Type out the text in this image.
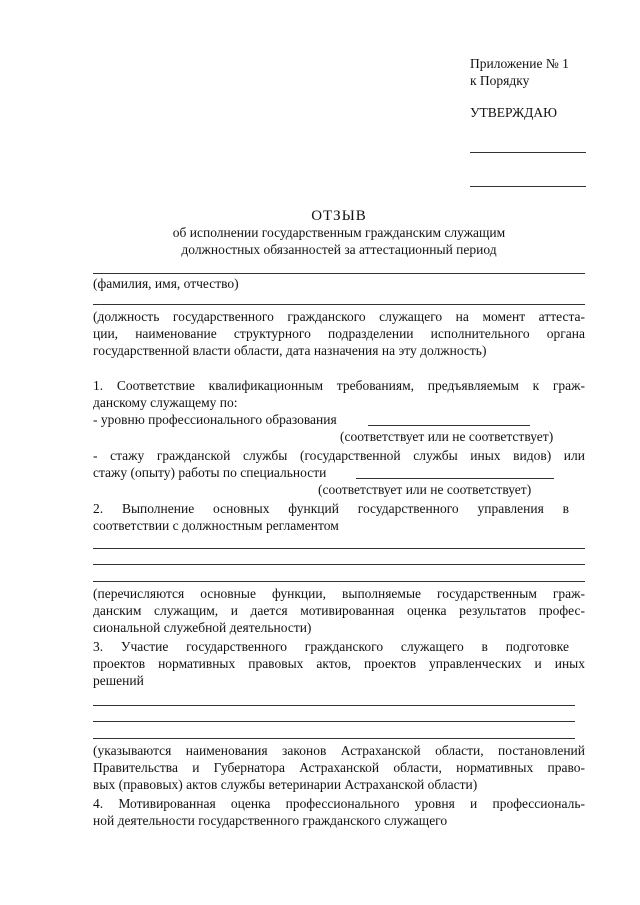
Приложение № 1
к Порядку
УТВЕРЖДАЮ
ОТЗЫВ
об исполнении государственным гражданским служащим
должностных обязанностей за аттестационный период
(фамилия, имя, отчество)
(должность государственного гражданского служащего на момент аттеста-
ции, наименование структурного подразделении исполнительного органа
государственной власти области, дата назначения на эту должность)
1. Соответствие квалификационным требованиям, предъявляемым к граж-
данскому служащему по:
- уровню профессионального образования
(соответствует или не соответствует)
- стажу гражданской службы (государственной службы иных видов) или
стажу (опыту) работы по специальности
(соответствует или не соответствует)
2. Выполнение основных функций государственного управления в
соответствии с должностным регламентом
(перечисляются основные функции, выполняемые государственным граж-
данским служащим, и дается мотивированная оценка результатов профес-
сиональной служебной деятельности)
3. Участие государственного гражданского служащего в подготовке
проектов нормативных правовых актов, проектов управленческих и иных
решений
(указываются наименования законов Астраханской области, постановлений
Правительства и Губернатора Астраханской области, нормативных право-
вых (правовых) актов службы ветеринарии Астраханской области)
4. Мотивированная оценка профессионального уровня и профессиональ-
ной деятельности государственного гражданского служащего
